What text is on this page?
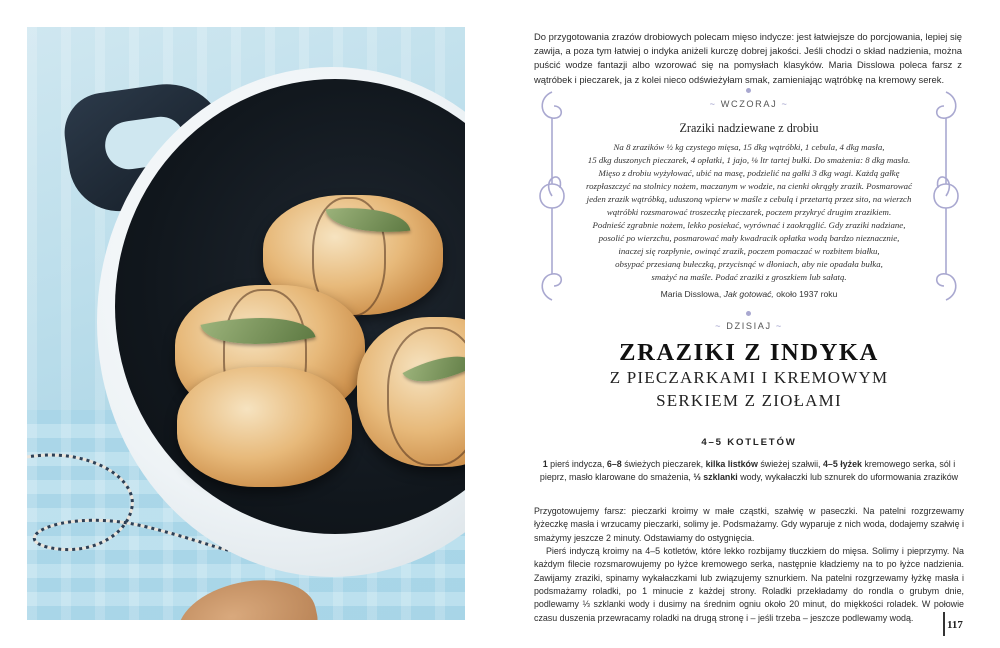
Do przygotowania zrazów drobiowych polecam mięso indycze: jest łatwiejsze do porcjowania, lepiej się zawija, a poza tym łatwiej o indyka aniżeli kurczę dobrej jakości. Jeśli chodzi o skład nadzienia, można puścić wodze fantazji albo wzorować się na pomysłach klasyków. Maria Disslowa poleca farsz z wątróbek i pieczarek, ja z kolei nieco odświeżyłam smak, zamieniając wątróbkę na kremowy serek.

~ WCZORAJ ~
Zraziki nadziewane z drobiu

Na 8 zrazików ½ kg czystego mięsa, 15 dkg wątróbki, 1 cebula, 4 dkg masła,
15 dkg duszonych pieczarek, 4 opłatki, 1 jajo, ⅛ ltr tartej bułki. Do smażenia: 8 dkg masła.
Mięso z drobiu wyżyłować, ubić na masę, podzielić na gałki 3 dkg wagi. Każdą gałkę
rozpłaszczyć na stolnicy nożem, maczanym w wodzie, na cienki okrągły zrazik. Posmarować
jeden zrazik wątróbką, uduszoną wpierw w maśle z cebulą i przetartą przez sito, na wierzch
wątróbki rozsmarować troszeczkę pieczarek, poczem przykryć drugim zrazikiem.
Podnieść zgrabnie nożem, lekko posiekać, wyrównać i zaokrąglić. Gdy zraziki nadziane,
posolić po wierzchu, posmarować mały kwadracik opłatka wodą bardzo nieznacznie,
inaczej się rozpłynie, owinąć zrazik, poczem pomaczać w rozbitem białku,
obsypać przesianą bułeczką, przycisnąć w dłoniach, aby nie opadała bułka,
smażyć na maśle. Podać zraziki z groszkiem lub sałatą.

Maria Disslowa, Jak gotować, około 1937 roku
~ DZISIAJ ~
ZRAZIKI Z INDYKA
Z PIECZARKAMI I KREMOWYM
SERKIEM Z ZIOŁAMI
4–5 KOTLETÓW

1 pierś indycza, 6–8 świeżych pieczarek, kilka listków świeżej szałwii, 4–5 łyżek kremowego serka, sól i pieprz, masło klarowane do smażenia, ⅓ szklanki wody, wykałaczki lub sznurek do uformowania zrazików

Przygotowujemy farsz: pieczarki kroimy w małe cząstki, szałwię w paseczki. Na patelni rozgrzewamy łyżeczkę masła i wrzucamy pieczarki, solimy je. Podsmażamy. Gdy wyparuje z nich woda, dodajemy szałwię i smażymy jeszcze 2 minuty. Odstawiamy do ostygnięcia.

Pierś indyczą kroimy na 4–5 kotletów, które lekko rozbijamy tłuczkiem do mięsa. Solimy i pieprzymy. Na każdym filecie rozsmarowujemy po łyżce kremowego serka, następnie kładziemy na to po łyżce nadzienia. Zawijamy zraziki, spinamy wykałaczkami lub związujemy sznurkiem. Na patelni rozgrzewamy łyżkę masła i podsmażamy roladki, po 1 minucie z każdej strony. Roladki przekładamy do rondla o grubym dnie, podlewamy ⅓ szklanki wody i dusimy na średnim ogniu około 20 minut, do miękkości roladek. W połowie czasu duszenia przewracamy roladki na drugą stronę i – jeśli trzeba – jeszcze podlewamy wodą.

117
